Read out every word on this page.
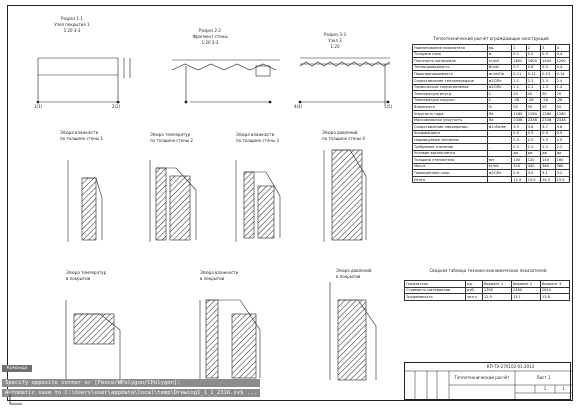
Разрез 1-1
Узел покрытия 1
1:20 3-3	Разрез 2-2
Фрагмент стены
1:20 3-3
Разрез 3-3
Узел 3
1:20
1(1)	2(2)	4(4)	5(5)
Эпюра влажности
по толщине стены 1
Эпюра температур
по толщине стены 2
Эпюра влажности
по толщине стены 3
Эпюра давлений
по толщине стены 4
Эпюра температур
в покрытии
Эпюра влажности
в покрытии
Эпюра давлений
в покрытии
Теплотехнический расчёт ограждающих конструкций
Наименование показателя	ед.	1	2	3	4
Толщина слоя	м	0.1	0.2	0.3	0.4
Плотность материала	кг/м3	1800	1600	1400	1200
Теплопроводность	Вт/мС	0.7	0.6	0.5	0.4
Паропроницаемость	мг/мчПа	0.11	0.12	0.13	0.14
Сопротивление теплопередаче	м2С/Вт	2.1	2.2	2.3	2.4
Термическое сопротивление	м2С/Вт	1.1	1.2	1.3	1.4
Температура внутр.	С	20	20	20	20
Температура наружн.	С	-28	-28	-28	-28
Влажность	%	55	55	55	55
Упругость пара	Па	1280	1280	1280	1280
Максимальная упругость	Па	2338	2338	2338	2338
Сопротивление паропрониц.	м2чПа/мг	3.5	3.6	3.7	3.8
Коэффициент	-	0.9	0.9	0.9	0.9
Нормируемое значение	-	2.5	2.5	2.5	2.5
Требуемое значение	-	2.2	2.2	2.2	2.2
Условие выполняется	-	да	да	да	да
Толщина утеплителя	мм	100	120	140	160
Масса	кг/м2	320	340	360	380
Приведённое сопр.	м2С/Вт	2.9	3.0	3.1	3.2
Итого	-	12.5	13.5	14.5	15.5
Сводная таблица технико-экономических показателей
Показатель	ед.	Вариант 1	Вариант 2	Вариант 3
Стоимость материалов	руб.	2350	2480	2610
Трудоёмкость	чел-ч	12.5	13.1	13.8
КП-ТЭ-270102-01-2013
Теплотехнический расчёт	Лист 1
1	1
Команда
Specify opposite corner or [Fence/WPolygon/CPolygon]:
Automatic save to C:\Users\user\appdata\local\temp\Drawing1_1_1_2316.sv$ ...
